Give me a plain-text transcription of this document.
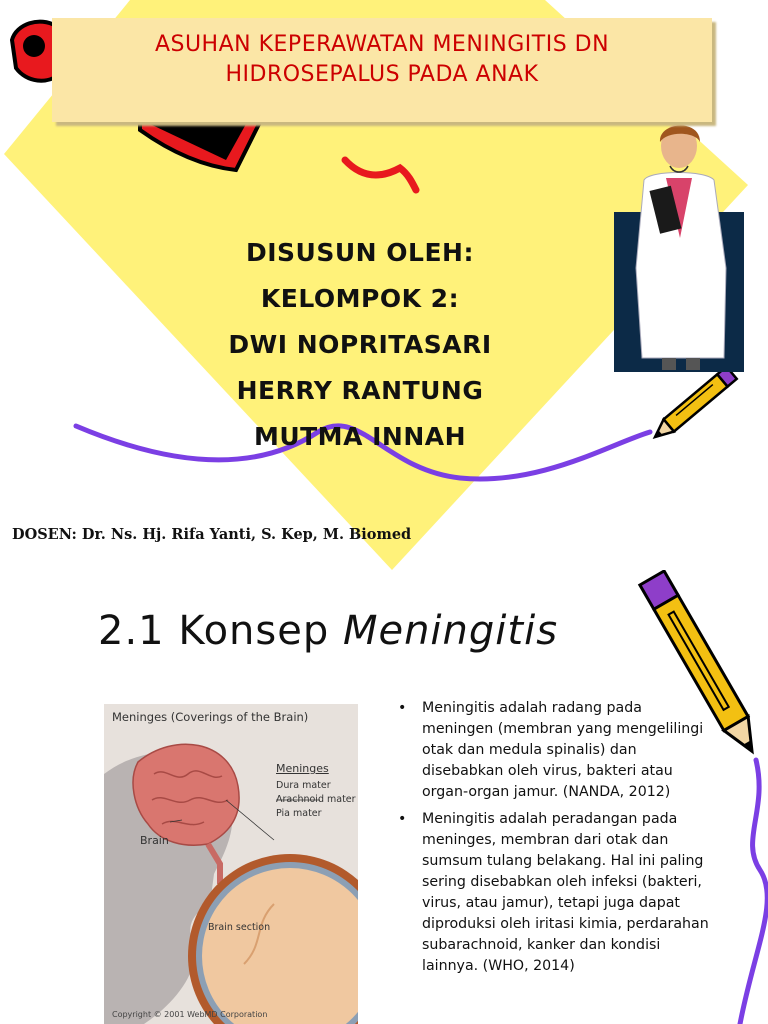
ASUHAN KEPERAWATAN MENINGITIS DN
HIDROSEPALUS PADA ANAK
DISUSUN OLEH:
KELOMPOK 2:
DWI NOPRITASARI
HERRY RANTUNG
MUTMA INNAH
DOSEN: Dr. Ns. Hj. Rifa Yanti, S. Kep, M. Biomed
2.1 Konsep Meningitis
Meninges (Coverings of the Brain)
Meninges
Dura mater
Arachnoid mater
Pia mater
Brain
Brain section
Copyright © 2001 WebMD Corporation
• Meningitis adalah radang pada meningen (membran yang mengelilingi otak dan medula spinalis) dan disebabkan oleh virus, bakteri atau organ-organ jamur. (NANDA, 2012)
• Meningitis adalah peradangan pada meninges, membran dari otak dan sumsum tulang belakang. Hal ini paling sering disebabkan oleh infeksi (bakteri, virus, atau jamur), tetapi juga dapat diproduksi oleh iritasi kimia, perdarahan subarachnoid, kanker dan kondisi lainnya. (WHO, 2014)
